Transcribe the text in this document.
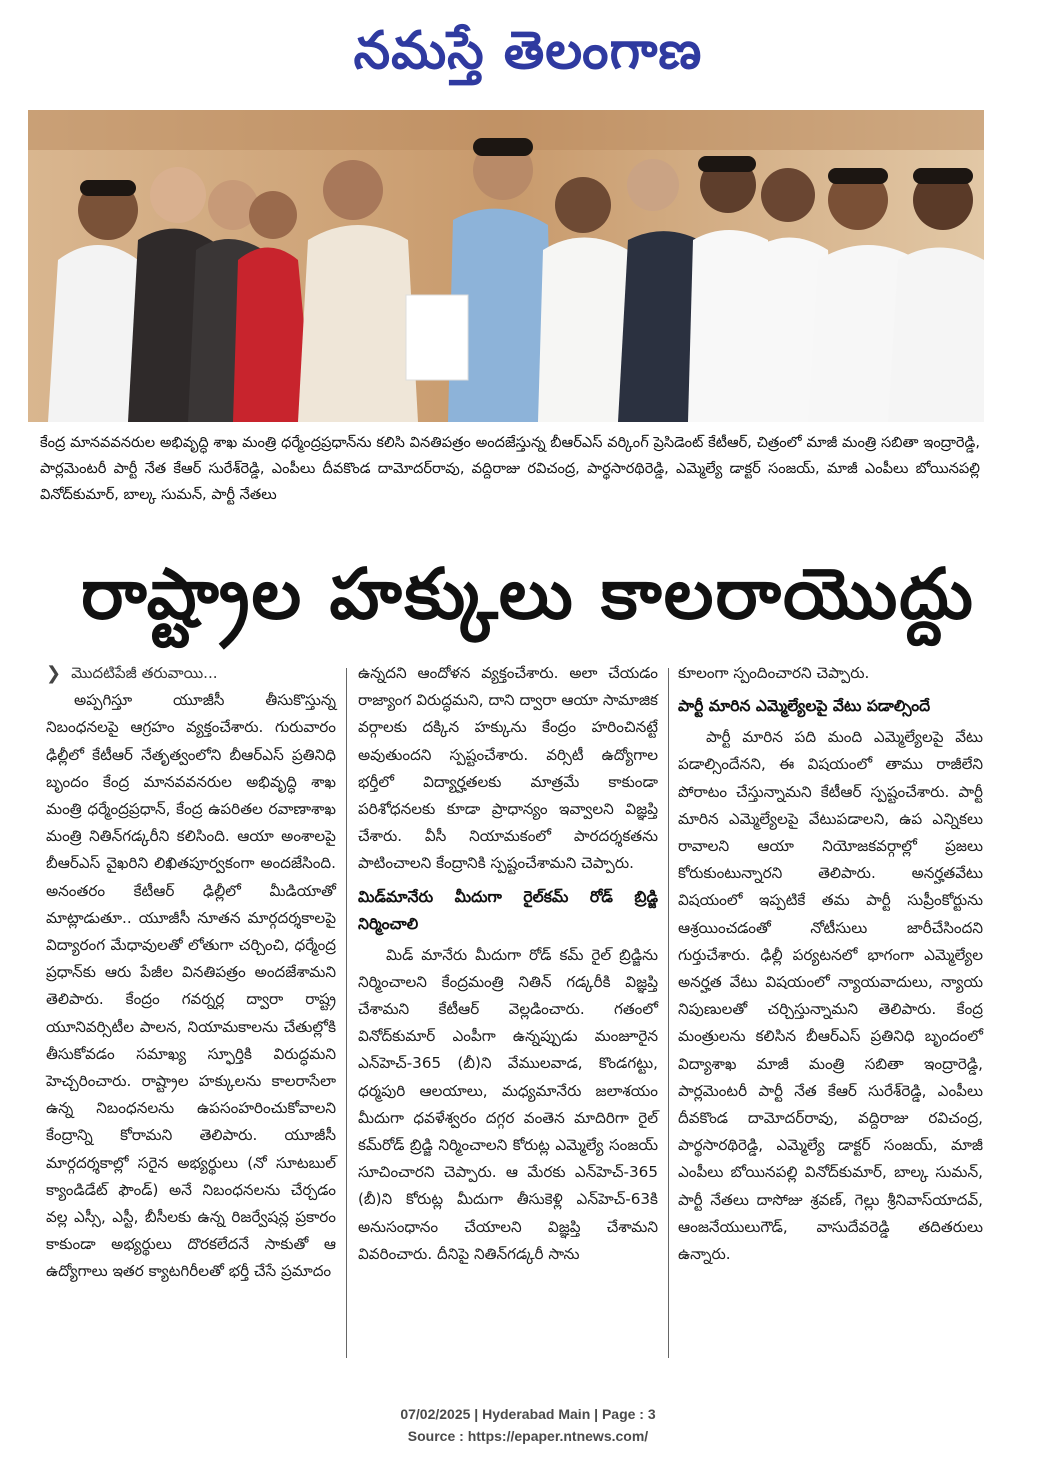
నమస్తే తెలంగాణ
కేంద్ర మానవవనరుల అభివృద్ధి శాఖ మంత్రి ధర్మేంద్రప్రధాన్‌ను కలిసి వినతిపత్రం అందజేస్తున్న బీఆర్‌ఎస్ వర్కింగ్ ప్రెసిడెంట్ కేటీఆర్, చిత్రంలో మాజీ మంత్రి సబితా ఇంద్రారెడ్డి, పార్లమెంటరీ పార్టీ నేత కేఆర్ సురేశ్‌రెడ్డి, ఎంపీలు దీవకొండ దామోదర్‌రావు, వద్దిరాజు రవిచంద్ర, పార్థసారథిరెడ్డి, ఎమ్మెల్యే డాక్టర్ సంజయ్, మాజీ ఎంపీలు బోయినపల్లి వినోద్‌కుమార్, బాల్క సుమన్, పార్టీ నేతలు
రాష్ట్రాల హక్కులు కాలరాయొద్దు

❯ మొదటిపేజీ తరువాయి...

అప్పగిస్తూ యూజీసీ తీసుకొస్తున్న నిబంధనలపై ఆగ్రహం వ్యక్తంచేశారు. గురువారం ఢిల్లీలో కేటీఆర్ నేతృత్వంలోని బీఆర్‌ఎస్ ప్రతినిధి బృందం కేంద్ర మానవవనరుల అభివృద్ధి శాఖ మంత్రి ధర్మేంద్రప్రధాన్, కేంద్ర ఉపరితల రవాణాశాఖ మంత్రి నితిన్‌గడ్కరీని కలిసింది. ఆయా అంశాలపై బీఆర్‌ఎస్ వైఖరిని లిఖితపూర్వకంగా అందజేసింది. అనంతరం కేటీఆర్ ఢిల్లీలో మీడియాతో మాట్లాడుతూ.. యూజీసీ నూతన మార్గదర్శకాలపై విద్యారంగ మేధావులతో లోతుగా చర్చించి, ధర్మేంద్ర ప్రధాన్‌కు ఆరు పేజీల వినతిపత్రం అందజేశామని తెలిపారు. కేంద్రం గవర్నర్ల ద్వారా రాష్ట్ర యూనివర్సిటీల పాలన, నియామకాలను చేతుల్లోకి తీసుకోవడం సమాఖ్య స్ఫూర్తికి విరుద్ధమని హెచ్చరించారు. రాష్ట్రాల హక్కులను కాలరాసేలా ఉన్న నిబంధనలను ఉపసంహరించుకోవాలని కేంద్రాన్ని కోరామని తెలిపారు. యూజీసీ మార్గదర్శకాల్లో సరైన అభ్యర్థులు (నో సూటబుల్ క్యాండిడేట్ ఫౌండ్) అనే నిబంధనలను చేర్చడం వల్ల ఎస్సీ, ఎస్టీ, బీసీలకు ఉన్న రిజర్వేషన్ల ప్రకారం కాకుండా అభ్యర్థులు దొరకలేదనే సాకుతో ఆ ఉద్యోగాలు ఇతర క్యాటగిరీలతో భర్తీ చేసే ప్రమాదం

ఉన్నదని ఆందోళన వ్యక్తంచేశారు. అలా చేయడం రాజ్యాంగ విరుద్ధమని, దాని ద్వారా ఆయా సామాజిక వర్గాలకు దక్కిన హక్కును కేంద్రం హరించినట్టే అవుతుందని స్పష్టంచేశారు. వర్సిటీ ఉద్యోగాల భర్తీలో విద్యార్హతలకు మాత్రమే కాకుండా పరిశోధనలకు కూడా ప్రాధాన్యం ఇవ్వాలని విజ్ఞప్తి చేశారు. వీసీ నియామకంలో పారదర్శకతను పాటించాలని కేంద్రానికి స్పష్టంచేశామని చెప్పారు.

మిడ్‌మానేరు మీదుగా రైల్‌కమ్ రోడ్ బ్రిడ్జి నిర్మించాలి

మిడ్ మానేరు మీదుగా రోడ్ కమ్ రైల్ బ్రిడ్జిను నిర్మించాలని కేంద్రమంత్రి నితిన్ గడ్కరీకి విజ్ఞప్తి చేశామని కేటీఆర్ వెల్లడించారు. గతంలో వినోద్‌కుమార్ ఎంపీగా ఉన్నప్పుడు మంజూరైన ఎన్‌హెచ్-365 (బీ)ని వేములవాడ, కొండగట్టు, ధర్మపురి ఆలయాలు, మధ్యమానేరు జలాశయం మీదుగా ధవళేశ్వరం దగ్గర వంతెన మాదిరిగా రైల్ కమ్‌రోడ్ బ్రిడ్జి నిర్మించాలని కోరుట్ల ఎమ్మెల్యే సంజయ్ సూచించారని చెప్పారు. ఆ మేరకు ఎన్‌హెచ్-365 (బీ)ని కోరుట్ల మీదుగా తీసుకెళ్లి ఎన్‌హెచ్-63కి అనుసంధానం చేయాలని విజ్ఞప్తి చేశామని వివరించారు. దీనిపై నితిన్‌గడ్కరీ సాను

కూలంగా స్పందించారని చెప్పారు.

పార్టీ మారిన ఎమ్మెల్యేలపై వేటు పడాల్సిందే

పార్టీ మారిన పది మంది ఎమ్మెల్యేలపై వేటు పడాల్సిందేనని, ఈ విషయంలో తాము రాజీలేని పోరాటం చేస్తున్నామని కేటీఆర్ స్పష్టంచేశారు. పార్టీ మారిన ఎమ్మెల్యేలపై వేటుపడాలని, ఉప ఎన్నికలు రావాలని ఆయా నియోజకవర్గాల్లో ప్రజలు కోరుకుంటున్నారని తెలిపారు. అనర్హతవేటు విషయంలో ఇప్పటికే తమ పార్టీ సుప్రీంకోర్టును ఆశ్రయించడంతో నోటీసులు జారీచేసిందని గుర్తుచేశారు. ఢిల్లీ పర్యటనలో భాగంగా ఎమ్మెల్యేల అనర్హత వేటు విషయంలో న్యాయవాదులు, న్యాయ నిపుణులతో చర్చిస్తున్నామని తెలిపారు. కేంద్ర మంత్రులను కలిసిన బీఆర్‌ఎస్ ప్రతినిధి బృందంలో విద్యాశాఖ మాజీ మంత్రి సబితా ఇంద్రారెడ్డి, పార్లమెంటరీ పార్టీ నేత కేఆర్ సురేశ్‌రెడ్డి, ఎంపీలు దీవకొండ దామోదర్‌రావు, వద్దిరాజు రవిచంద్ర, పార్థసారథిరెడ్డి, ఎమ్మెల్యే డాక్టర్ సంజయ్, మాజీ ఎంపీలు బోయినపల్లి వినోద్‌కుమార్, బాల్క సుమన్, పార్టీ నేతలు దాసోజు శ్రవణ్, గెల్లు శ్రీనివాస్‌యాదవ్, ఆంజనేయులుగౌడ్, వాసుదేవరెడ్డి తదితరులు ఉన్నారు.

07/02/2025 | Hyderabad Main | Page : 3
Source : https://epaper.ntnews.com/
